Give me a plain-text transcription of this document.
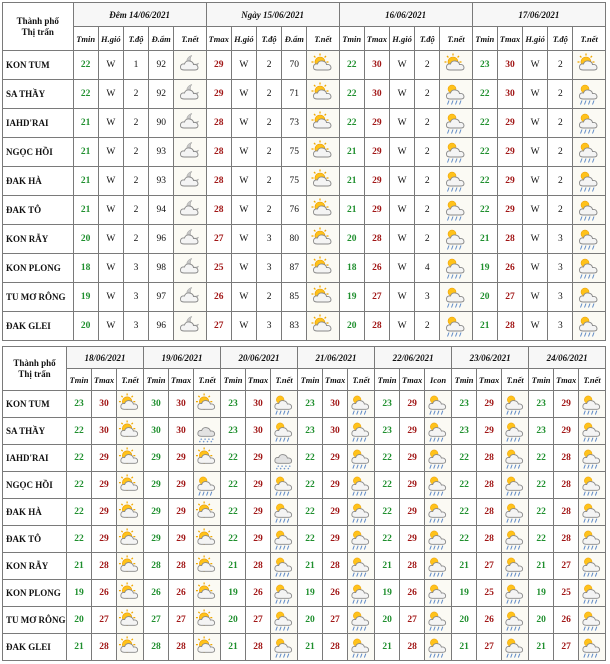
Thành phố
Thị trấn	Đêm 14/06/2021					Ngày 15/06/2021					16/06/2021					17/06/2021				
	Tmin	H.gió	T.độ	Đ.ẩm	T.nết	Tmax	H.gió	T.độ	Đ.ẩm	T.nết	Tmin	Tmax	H.gió	T.độ	T.nết	Tmin	Tmax	H.gió	T.độ	T.nết
KON TUM	22	W	1	92		29	W	2	70		22	30	W	2		23	30	W	2	

SA THẦY	22	W	2	92		29	W	2	71		22	30	W	2		22	30	W	2	

IAHD'RAI	21	W	2	90		28	W	2	73		22	29	W	2		22	29	W	2	

NGỌC HỒI	21	W	2	93		28	W	2	75		21	29	W	2		22	29	W	2	

ĐAK HÀ	21	W	2	93		28	W	2	75		21	29	W	2		22	29	W	2	

ĐAK TÔ	21	W	2	94		28	W	2	76		21	29	W	2		22	29	W	2	

KON RẪY	20	W	2	96		27	W	3	80		20	28	W	2		21	28	W	3	

KON PLONG	18	W	3	98		25	W	3	87		18	26	W	4		19	26	W	3	

TU MƠ RÔNG	19	W	3	97		26	W	2	85		19	27	W	3		20	27	W	3	

ĐAK GLEI	20	W	3	96		27	W	3	83		20	28	W	2		21	28	W	3	
Thành phố
Thị trấn	18/06/2021			19/06/2021			20/06/2021			21/06/2021			22/06/2021			23/06/2021			24/06/2021		
	Tmin	Tmax	T.nết	Tmin	Tmax	T.nết	Tmin	Tmax	T.nết	Tmin	Tmax	T.nết	Tmin	Tmax	Icon	Tmin	Tmax	T.nết	Tmin	Tmax	T.nết
KON TUM	23	30		30	30		23	30		23	30		23	29		23	29		23	29	

SA THẦY	22	30		30	30		23	30		23	30		23	29		23	29		23	29	

IAHD'RAI	22	29		29	29		22	29		22	29		22	29		22	28		22	28	

NGỌC HỒI	22	29		29	29		22	29		22	29		22	29		22	28		22	28	

ĐAK HÀ	22	29		29	29		22	29		22	29		22	29		22	28		22	28	

ĐAK TÔ	22	29		29	29		22	29		22	29		22	29		22	28		22	28	

KON RẪY	21	28		28	28		21	28		21	28		21	28		21	27		21	27	

KON PLONG	19	26		26	26		19	26		19	26		19	26		19	25		19	25	

TU MƠ RÔNG	20	27		27	27		20	27		20	27		20	27		20	26		20	26	

ĐAK GLEI	21	28		28	28		21	28		21	28		21	28		21	27		21	27	
